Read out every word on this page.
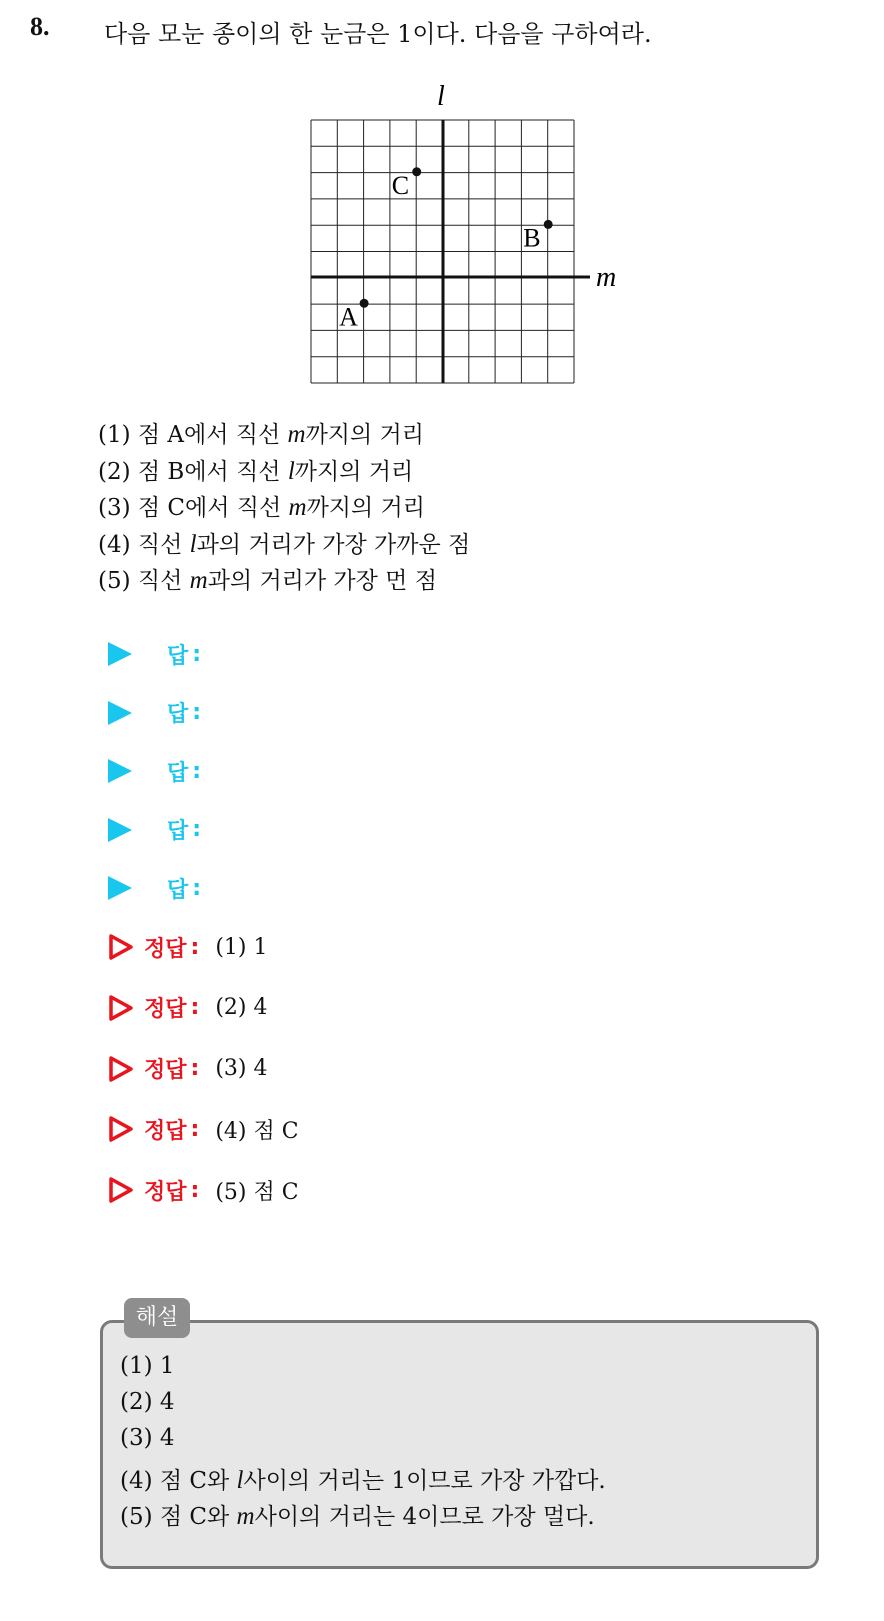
8. 다음 모눈 종이의 한 눈금은 1이다. 다음을 구하여라.
l
m
A
B
C
(1) 점 A에서 직선 m까지의 거리
(2) 점 B에서 직선 l까지의 거리
(3) 점 C에서 직선 m까지의 거리
(4) 직선 l과의 거리가 가장 가까운 점
(5) 직선 m과의 거리가 가장 먼 점
답 :
답 :
답 :
답 :
답 :
정답 : (1) 1
정답 : (2) 4
정답 : (3) 4
정답 : (4) 점 C
정답 : (5) 점 C
해설
(1) 1
(2) 4
(3) 4
(4) 점 C와 l사이의 거리는 1이므로 가장 가깝다.
(5) 점 C와 m사이의 거리는 4이므로 가장 멀다.
